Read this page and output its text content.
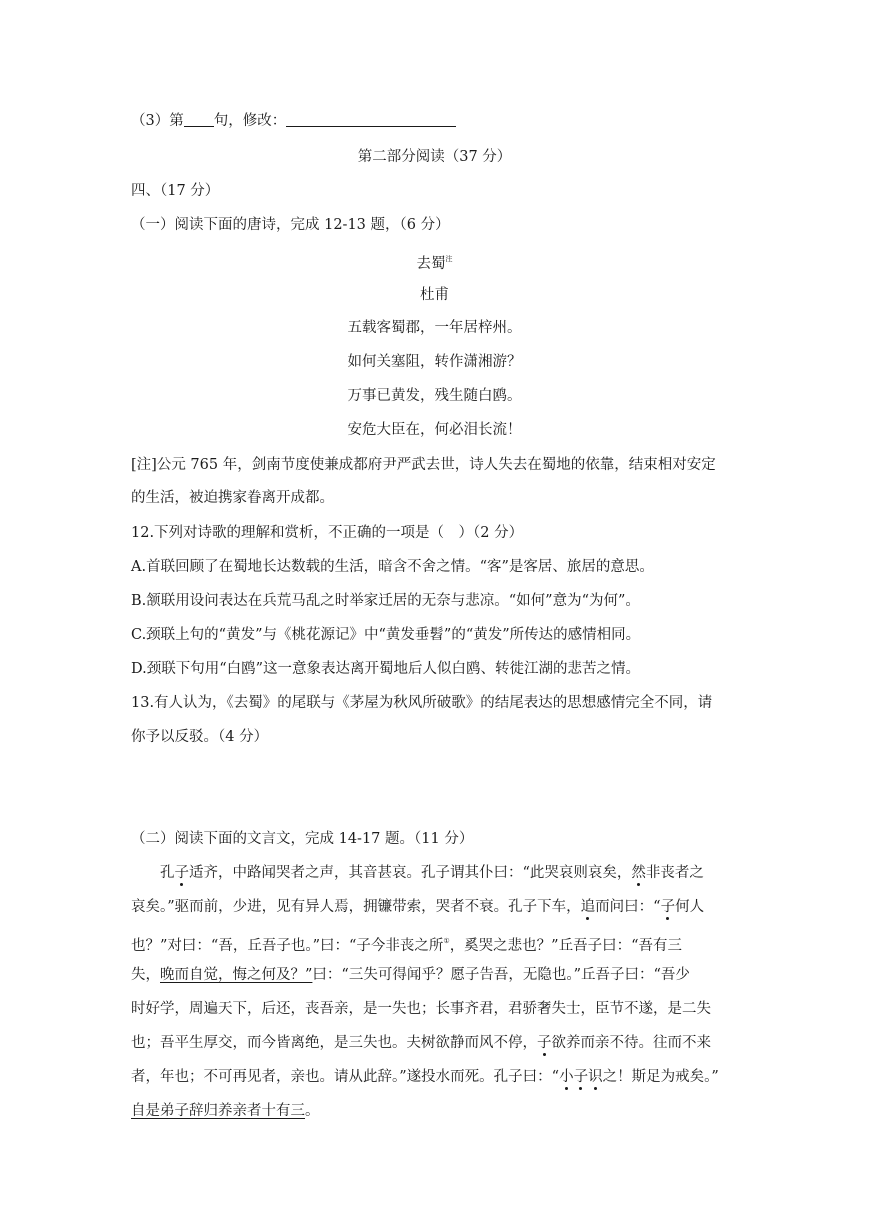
（3）第 句，修改：
第二部分阅读（37 分）
四、（17 分）
（一）阅读下面的唐诗，完成 12-13 题，（6 分）
去蜀$^注$
杜甫
五载客蜀郡，一年居梓州。
如何关塞阻，转作潇湘游？
万事已黄发，残生随白鸥。
安危大臣在，何必泪长流！
[注]公元 765 年，剑南节度使兼成都府尹严武去世，诗人失去在蜀地的依靠，结束相对安定
的生活，被迫携家眷离开成都。
12.下列对诗歌的理解和赏析，不正确的一项是（　）（2 分）
A.首联回顾了在蜀地长达数载的生活，暗含不舍之情。“客”是客居、旅居的意思。
B.颔联用设问表达在兵荒马乱之时举家迁居的无奈与悲凉。“如何”意为“为何”。
C.颈联上句的“黄发”与《桃花源记》中“黄发垂髫”的“黄发”所传达的感情相同。
D.颈联下句用“白鸥”这一意象表达离开蜀地后人似白鸥、转徙江湖的悲苦之情。
13.有人认为，《去蜀》的尾联与《茅屋为秋风所破歌》的结尾表达的思想感情完全不同，请
你予以反驳。（4 分）
（二）阅读下面的文言文，完成 14-17 题。（11 分）
孔子适齐，中路闻哭者之声，其音甚哀。孔子谓其仆曰：“此哭哀则哀矣，然非丧者之
哀矣。”驱而前，少进，见有异人焉，拥镰带索，哭者不衰。孔子下车，追而问曰：“子何人
也？”对曰：“吾，丘吾子也。”曰：“子今非丧之所①，奚哭之悲也？”丘吾子曰：“吾有三
失，晚而自觉，悔之何及？”曰：“三失可得闻乎？愿子告吾，无隐也。”丘吾子曰：“吾少
时好学，周遍天下，后还，丧吾亲，是一失也；长事齐君，君骄奢失士，臣节不遂，是二失
也；吾平生厚交，而今皆离绝，是三失也。夫树欲静而风不停，子欲养而亲不待。往而不来
者，年也；不可再见者，亲也。请从此辞。”遂投水而死。孔子曰：“小子识之！斯足为戒矣。”
自是弟子辞归养亲者十有三。
